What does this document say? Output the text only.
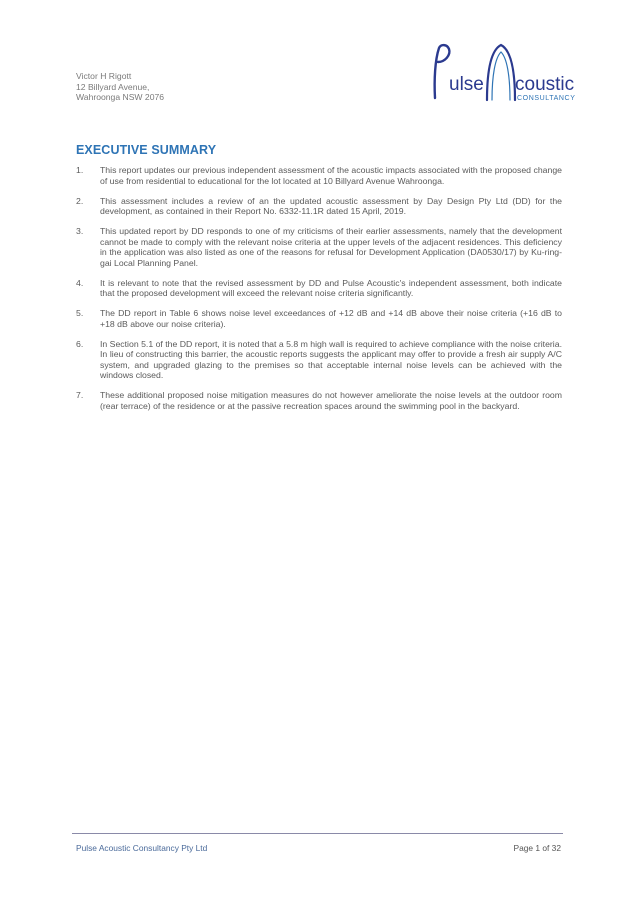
Victor H Rigott
12 Billyard Avenue,
Wahroonga NSW 2076
ulse coustic
CONSULTANCY
EXECUTIVE SUMMARY
1.	This report updates our previous independent assessment of the acoustic impacts associated with the proposed change of use from residential to educational for the lot located at 10 Billyard Avenue Wahroonga.
2.	This assessment includes a review of an the updated acoustic assessment by Day Design Pty Ltd (DD) for the development, as contained in their Report No. 6332-11.1R dated 15 April, 2019.
3.	This updated report by DD responds to one of my criticisms of their earlier assessments, namely that the development cannot be made to comply with the relevant noise criteria at the upper levels of the adjacent residences. This deficiency in the application was also listed as one of the reasons for refusal for Development Application (DA0530/17) by Ku-ring-gai Local Planning Panel.
4.	It is relevant to note that the revised assessment by DD and Pulse Acoustic's independent assessment, both indicate that the proposed development will exceed the relevant noise criteria significantly.
5.	The DD report in Table 6 shows noise level exceedances of +12 dB and +14 dB above their noise criteria (+16 dB to +18 dB above our noise criteria).
6.	In Section 5.1 of the DD report, it is noted that a 5.8 m high wall is required to achieve compliance with the noise criteria. In lieu of constructing this barrier, the acoustic reports suggests the applicant may offer to provide a fresh air supply A/C system, and upgraded glazing to the premises so that acceptable internal noise levels can be achieved with the windows closed.
7.	These additional proposed noise mitigation measures do not however ameliorate the noise levels at the outdoor room (rear terrace) of the residence or at the passive recreation spaces around the swimming pool in the backyard.
Pulse Acoustic Consultancy Pty Ltd	Page 1 of 32
